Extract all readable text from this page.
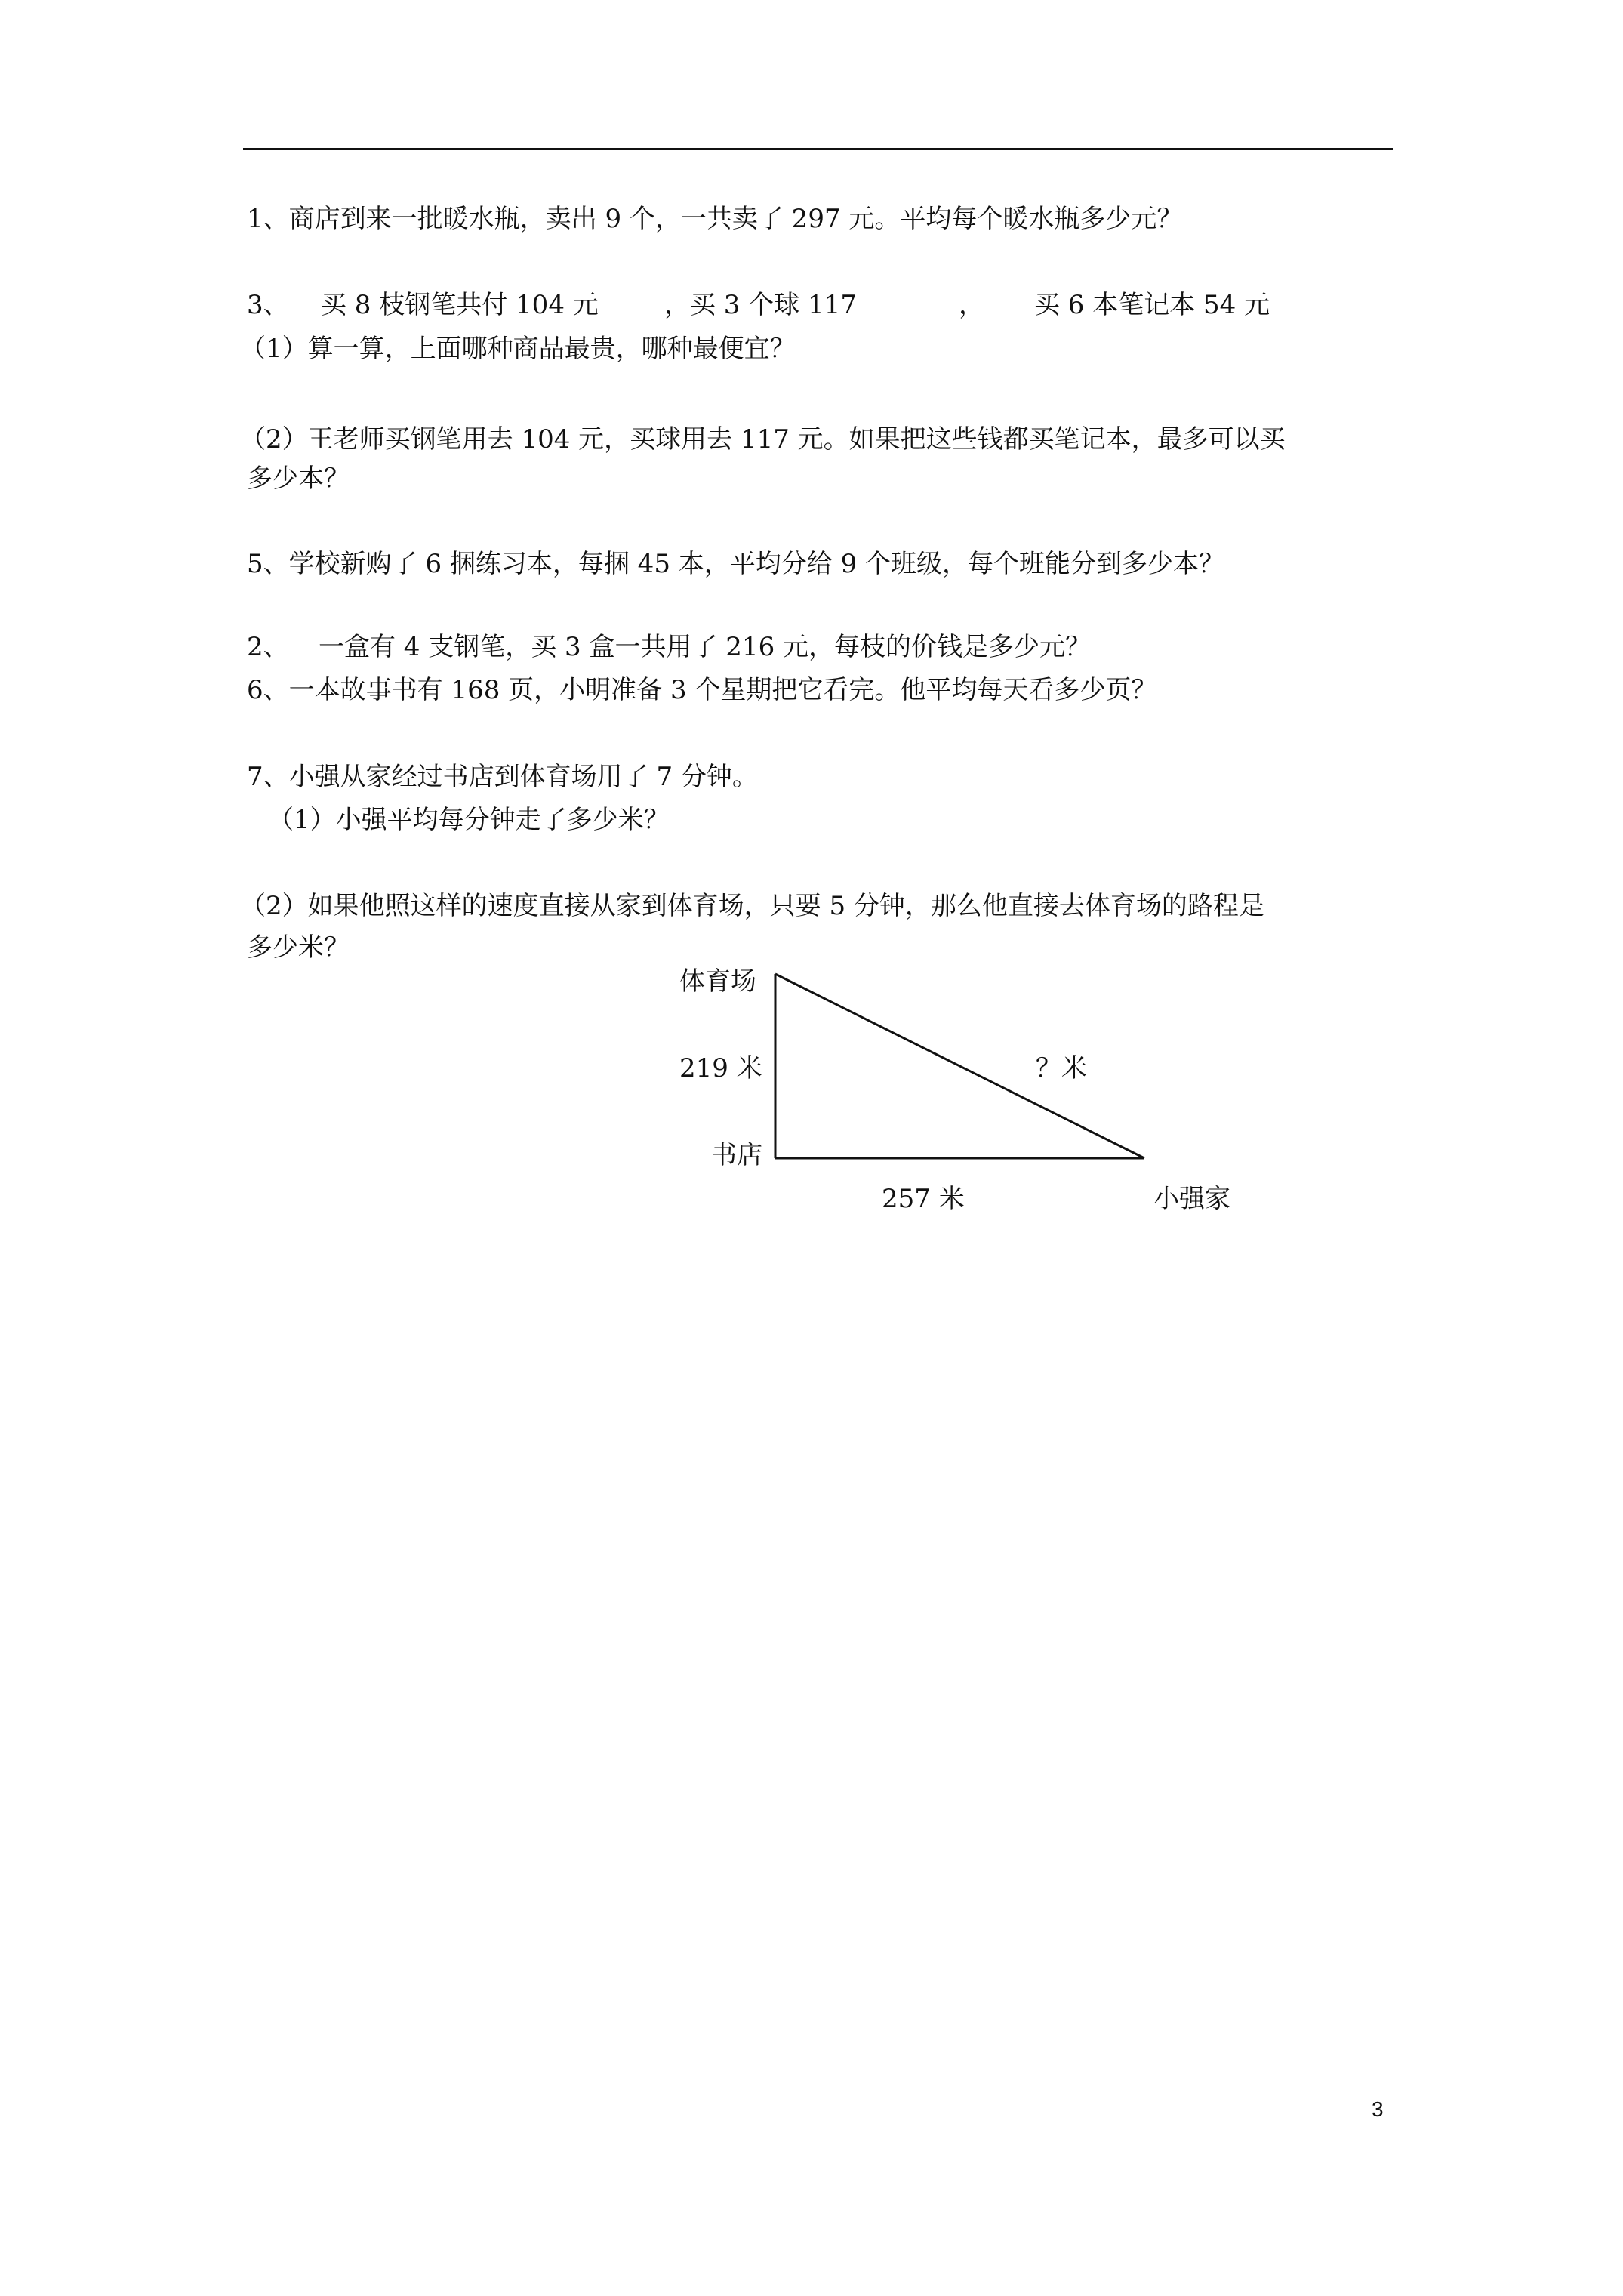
1、商店到来一批暖水瓶，卖出 9 个，一共卖了 297 元。平均每个暖水瓶多少元？
3、 买 8 枝钢笔共付 104 元	，买 3 个球 117	， 买 6 本笔记本 54 元
（1）算一算，上面哪种商品最贵，哪种最便宜？
（2）王老师买钢笔用去 104 元，买球用去 117 元。如果把这些钱都买笔记本，最多可以买
多少本？
5、学校新购了 6 捆练习本，每捆 45 本，平均分给 9 个班级，每个班能分到多少本？
2、 一盒有 4 支钢笔，买 3 盒一共用了 216 元，每枝的价钱是多少元？
6、一本故事书有 168 页，小明准备 3 个星期把它看完。他平均每天看多少页？
7、小强从家经过书店到体育场用了 7 分钟。
（1）小强平均每分钟走了多少米？
（2）如果他照这样的速度直接从家到体育场，只要 5 分钟，那么他直接去体育场的路程是
多少米？
体育场
219 米	？米
书店
257 米	小强家
3
